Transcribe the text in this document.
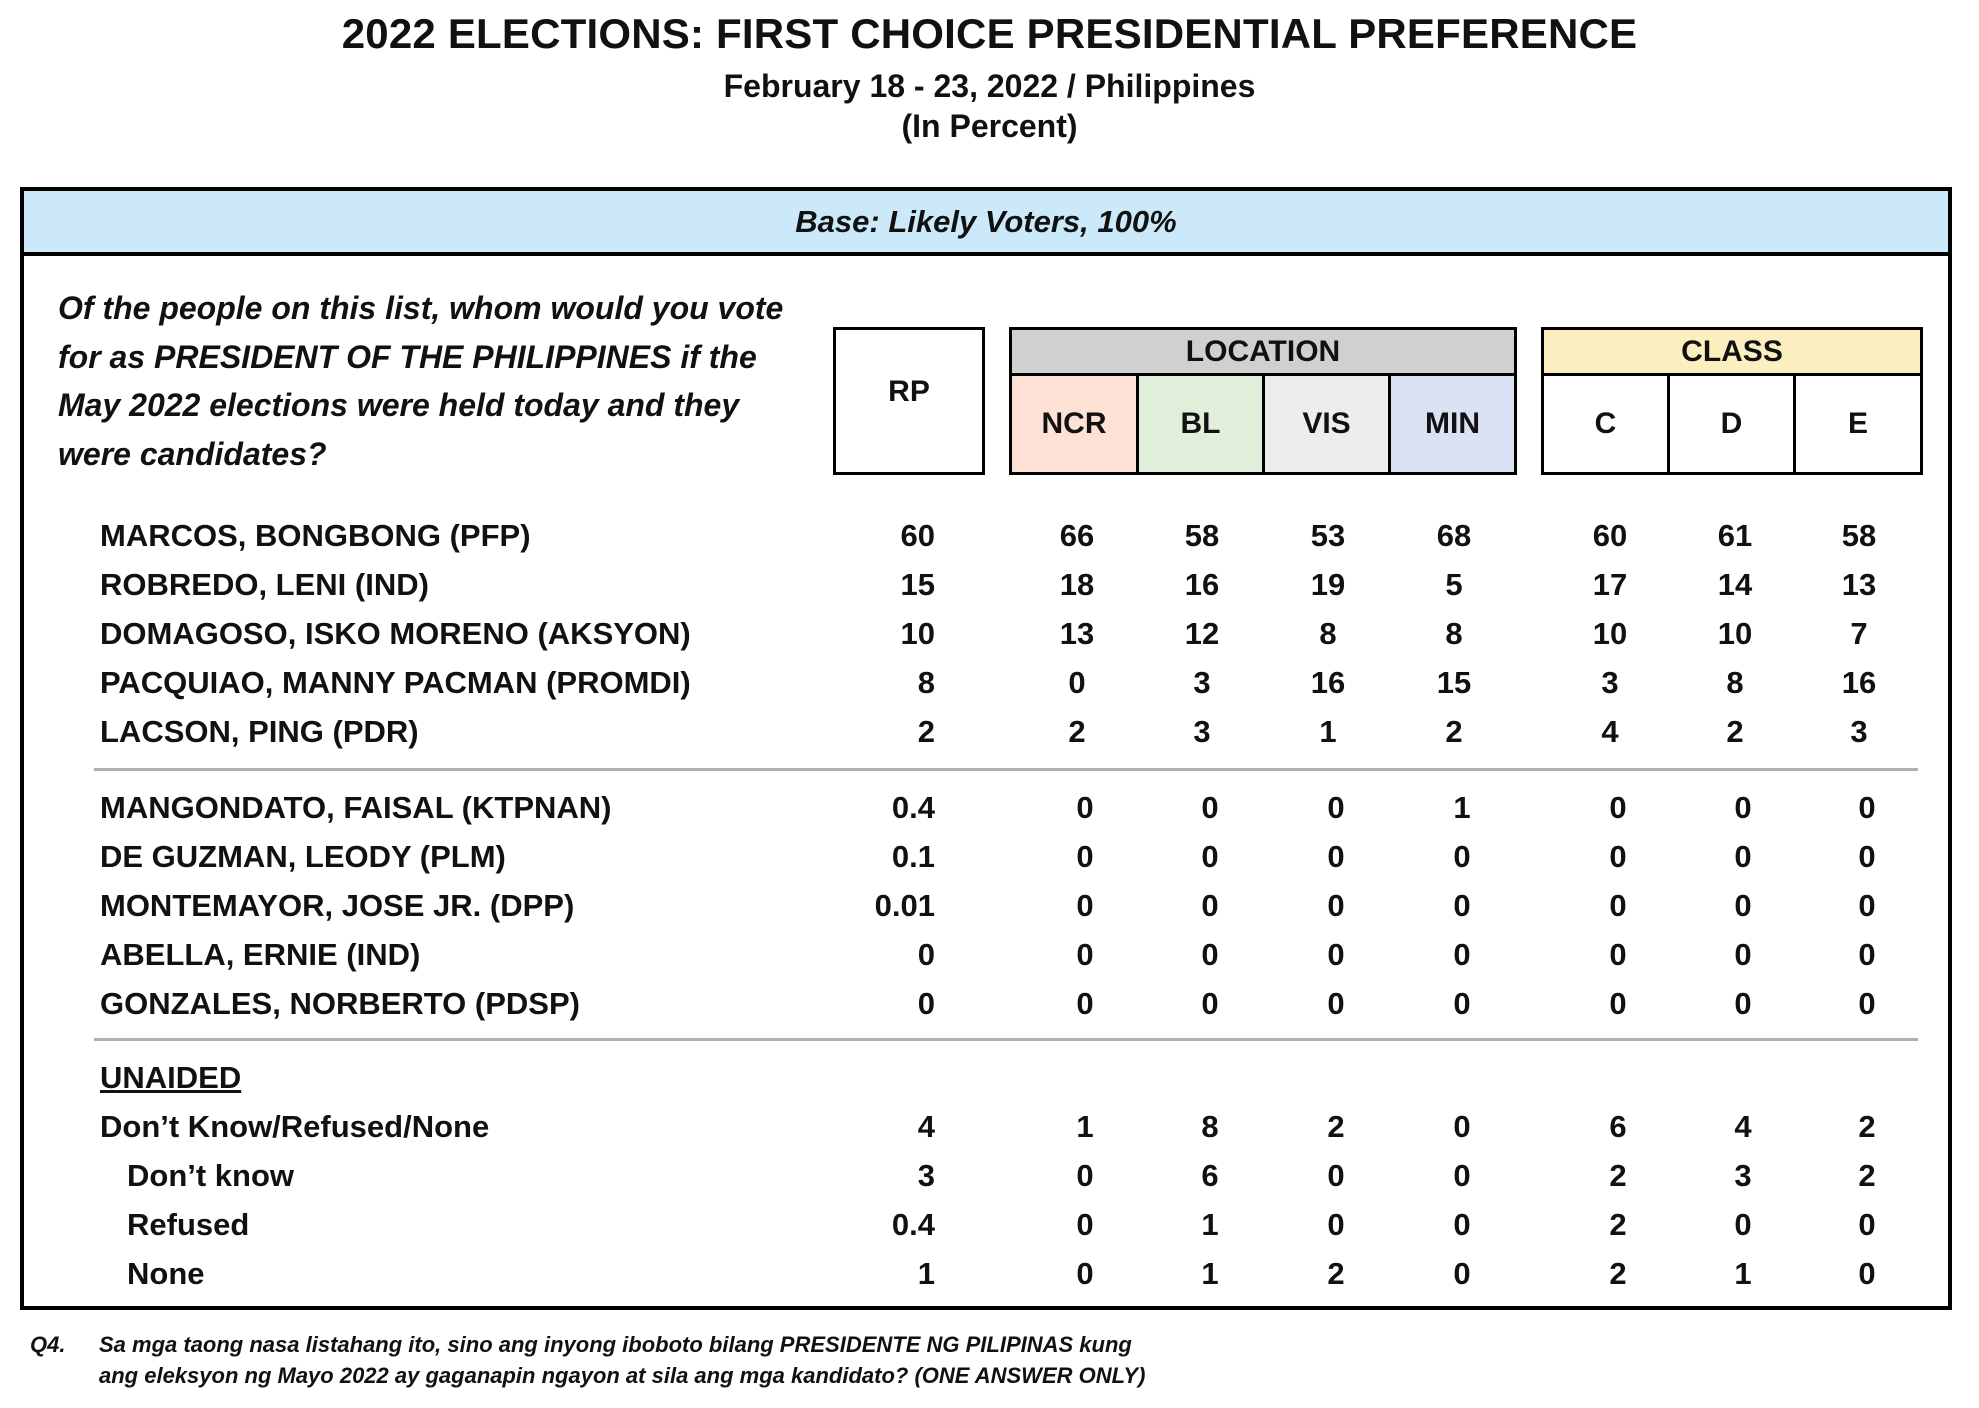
2022 ELECTIONS: FIRST CHOICE PRESIDENTIAL PREFERENCE
February 18 - 23, 2022 / Philippines
(In Percent)
Base: Likely Voters, 100%
Of the people on this list, whom would you vote for as PRESIDENT OF THE PHILIPPINES if the May 2022 elections were held today and they were candidates?
RP
LOCATION
NCR	BL	VIS	MIN
CLASS
C	D	E
MARCOS, BONGBONG (PFP)	60	66	58	53	68	60	61	58
ROBREDO, LENI (IND)	15	18	16	19	5	17	14	13
DOMAGOSO, ISKO MORENO (AKSYON)	10	13	12	8	8	10	10	7
PACQUIAO, MANNY PACMAN (PROMDI)	8	0	3	16	15	3	8	16
LACSON, PING (PDR)	2	2	3	1	2	4	2	3
MANGONDATO, FAISAL (KTPNAN)	0.4	0	0	0	1	0	0	0
DE GUZMAN, LEODY (PLM)	0.1	0	0	0	0	0	0	0
MONTEMAYOR, JOSE JR. (DPP)	0.01	0	0	0	0	0	0	0
ABELLA, ERNIE (IND)	0	0	0	0	0	0	0	0
GONZALES, NORBERTO (PDSP)	0	0	0	0	0	0	0	0
UNAIDED
Don’t Know/Refused/None	4	1	8	2	0	6	4	2
Don’t know	3	0	6	0	0	2	3	2
Refused	0.4	0	1	0	0	2	0	0
None	1	0	1	2	0	2	1	0
Q4. Sa mga taong nasa listahang ito, sino ang inyong iboboto bilang PRESIDENTE NG PILIPINAS kung
ang eleksyon ng Mayo 2022 ay gaganapin ngayon at sila ang mga kandidato? (ONE ANSWER ONLY)
